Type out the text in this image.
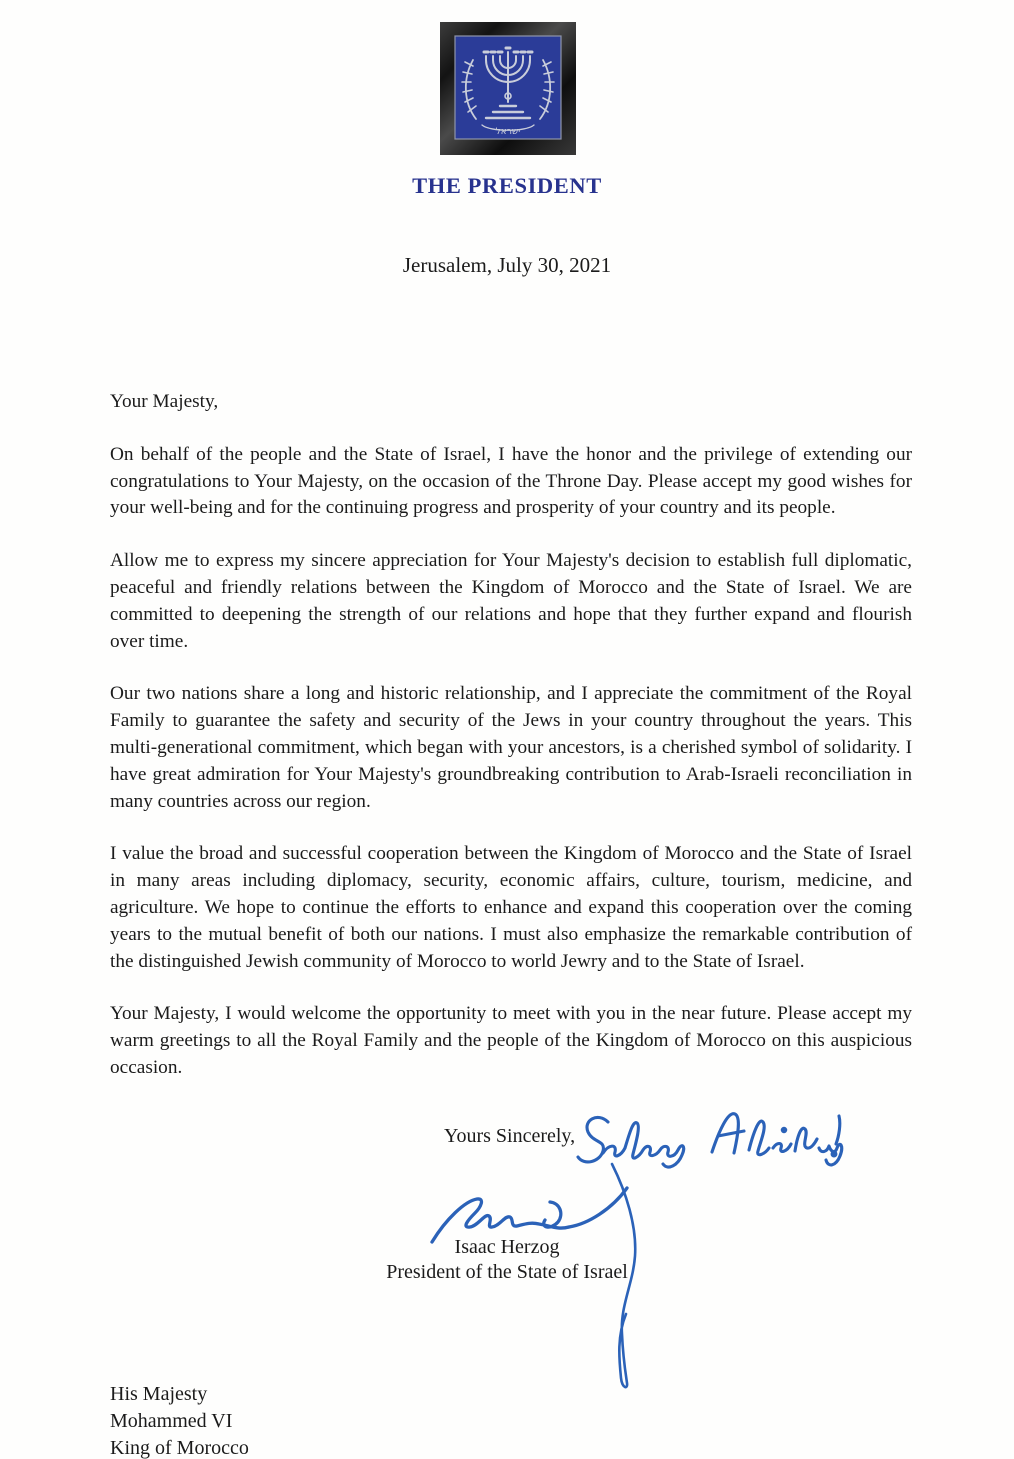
ישראל
THE PRESIDENT
Jerusalem, July 30, 2021

Your Majesty,

On behalf of the people and the State of Israel, I have the honor and the privilege of extending our congratulations to Your Majesty, on the occasion of the Throne Day. Please accept my good wishes for your well-being and for the continuing progress and prosperity of your country and its people.

Allow me to express my sincere appreciation for Your Majesty's decision to establish full diplomatic, peaceful and friendly relations between the Kingdom of Morocco and the State of Israel. We are committed to deepening the strength of our relations and hope that they further expand and flourish over time.

Our two nations share a long and historic relationship, and I appreciate the commitment of the Royal Family to guarantee the safety and security of the Jews in your country throughout the years. This multi-generational commitment, which began with your ancestors, is a cherished symbol of solidarity. I have great admiration for Your Majesty's groundbreaking contribution to Arab-Israeli reconciliation in many countries across our region.

I value the broad and successful cooperation between the Kingdom of Morocco and the State of Israel in many areas including diplomacy, security, economic affairs, culture, tourism, medicine, and agriculture. We hope to continue the efforts to enhance and expand this cooperation over the coming years to the mutual benefit of both our nations. I must also emphasize the remarkable contribution of the distinguished Jewish community of Morocco to world Jewry and to the State of Israel.

Your Majesty, I would welcome the opportunity to meet with you in the near future. Please accept my warm greetings to all the Royal Family and the people of the Kingdom of Morocco on this auspicious occasion.

Yours Sincerely,
Isaac Herzog
President of the State of Israel
His Majesty
Mohammed VI
King of Morocco
